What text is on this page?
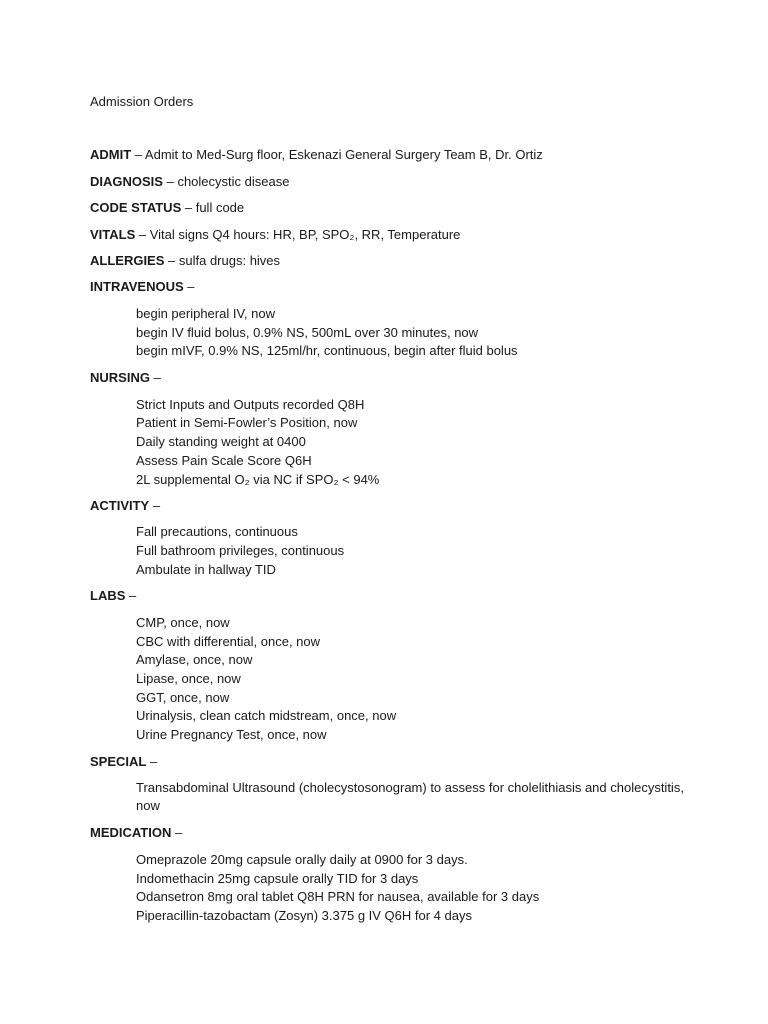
Admission Orders
ADMIT – Admit to Med-Surg floor, Eskenazi General Surgery Team B, Dr. Ortiz
DIAGNOSIS – cholecystic disease
CODE STATUS – full code
VITALS – Vital signs Q4 hours: HR, BP, SPO₂, RR, Temperature
ALLERGIES – sulfa drugs: hives
INTRAVENOUS –
begin peripheral IV, now
begin IV fluid bolus, 0.9% NS, 500mL over 30 minutes, now
begin mIVF, 0.9% NS, 125ml/hr, continuous, begin after fluid bolus
NURSING –
Strict Inputs and Outputs recorded Q8H
Patient in Semi-Fowler’s Position, now
Daily standing weight at 0400
Assess Pain Scale Score Q6H
2L supplemental O₂ via NC if SPO₂ < 94%
ACTIVITY –
Fall precautions, continuous
Full bathroom privileges, continuous
Ambulate in hallway TID
LABS –
CMP, once, now
CBC with differential, once, now
Amylase, once, now
Lipase, once, now
GGT, once, now
Urinalysis, clean catch midstream, once, now
Urine Pregnancy Test, once, now
SPECIAL –
Transabdominal Ultrasound (cholecystosonogram) to assess for cholelithiasis and cholecystitis, now
MEDICATION –
Omeprazole 20mg capsule orally daily at 0900 for 3 days.
Indomethacin 25mg capsule orally TID for 3 days
Odansetron 8mg oral tablet Q8H PRN for nausea, available for 3 days
Piperacillin-tazobactam (Zosyn) 3.375 g IV Q6H for 4 days
